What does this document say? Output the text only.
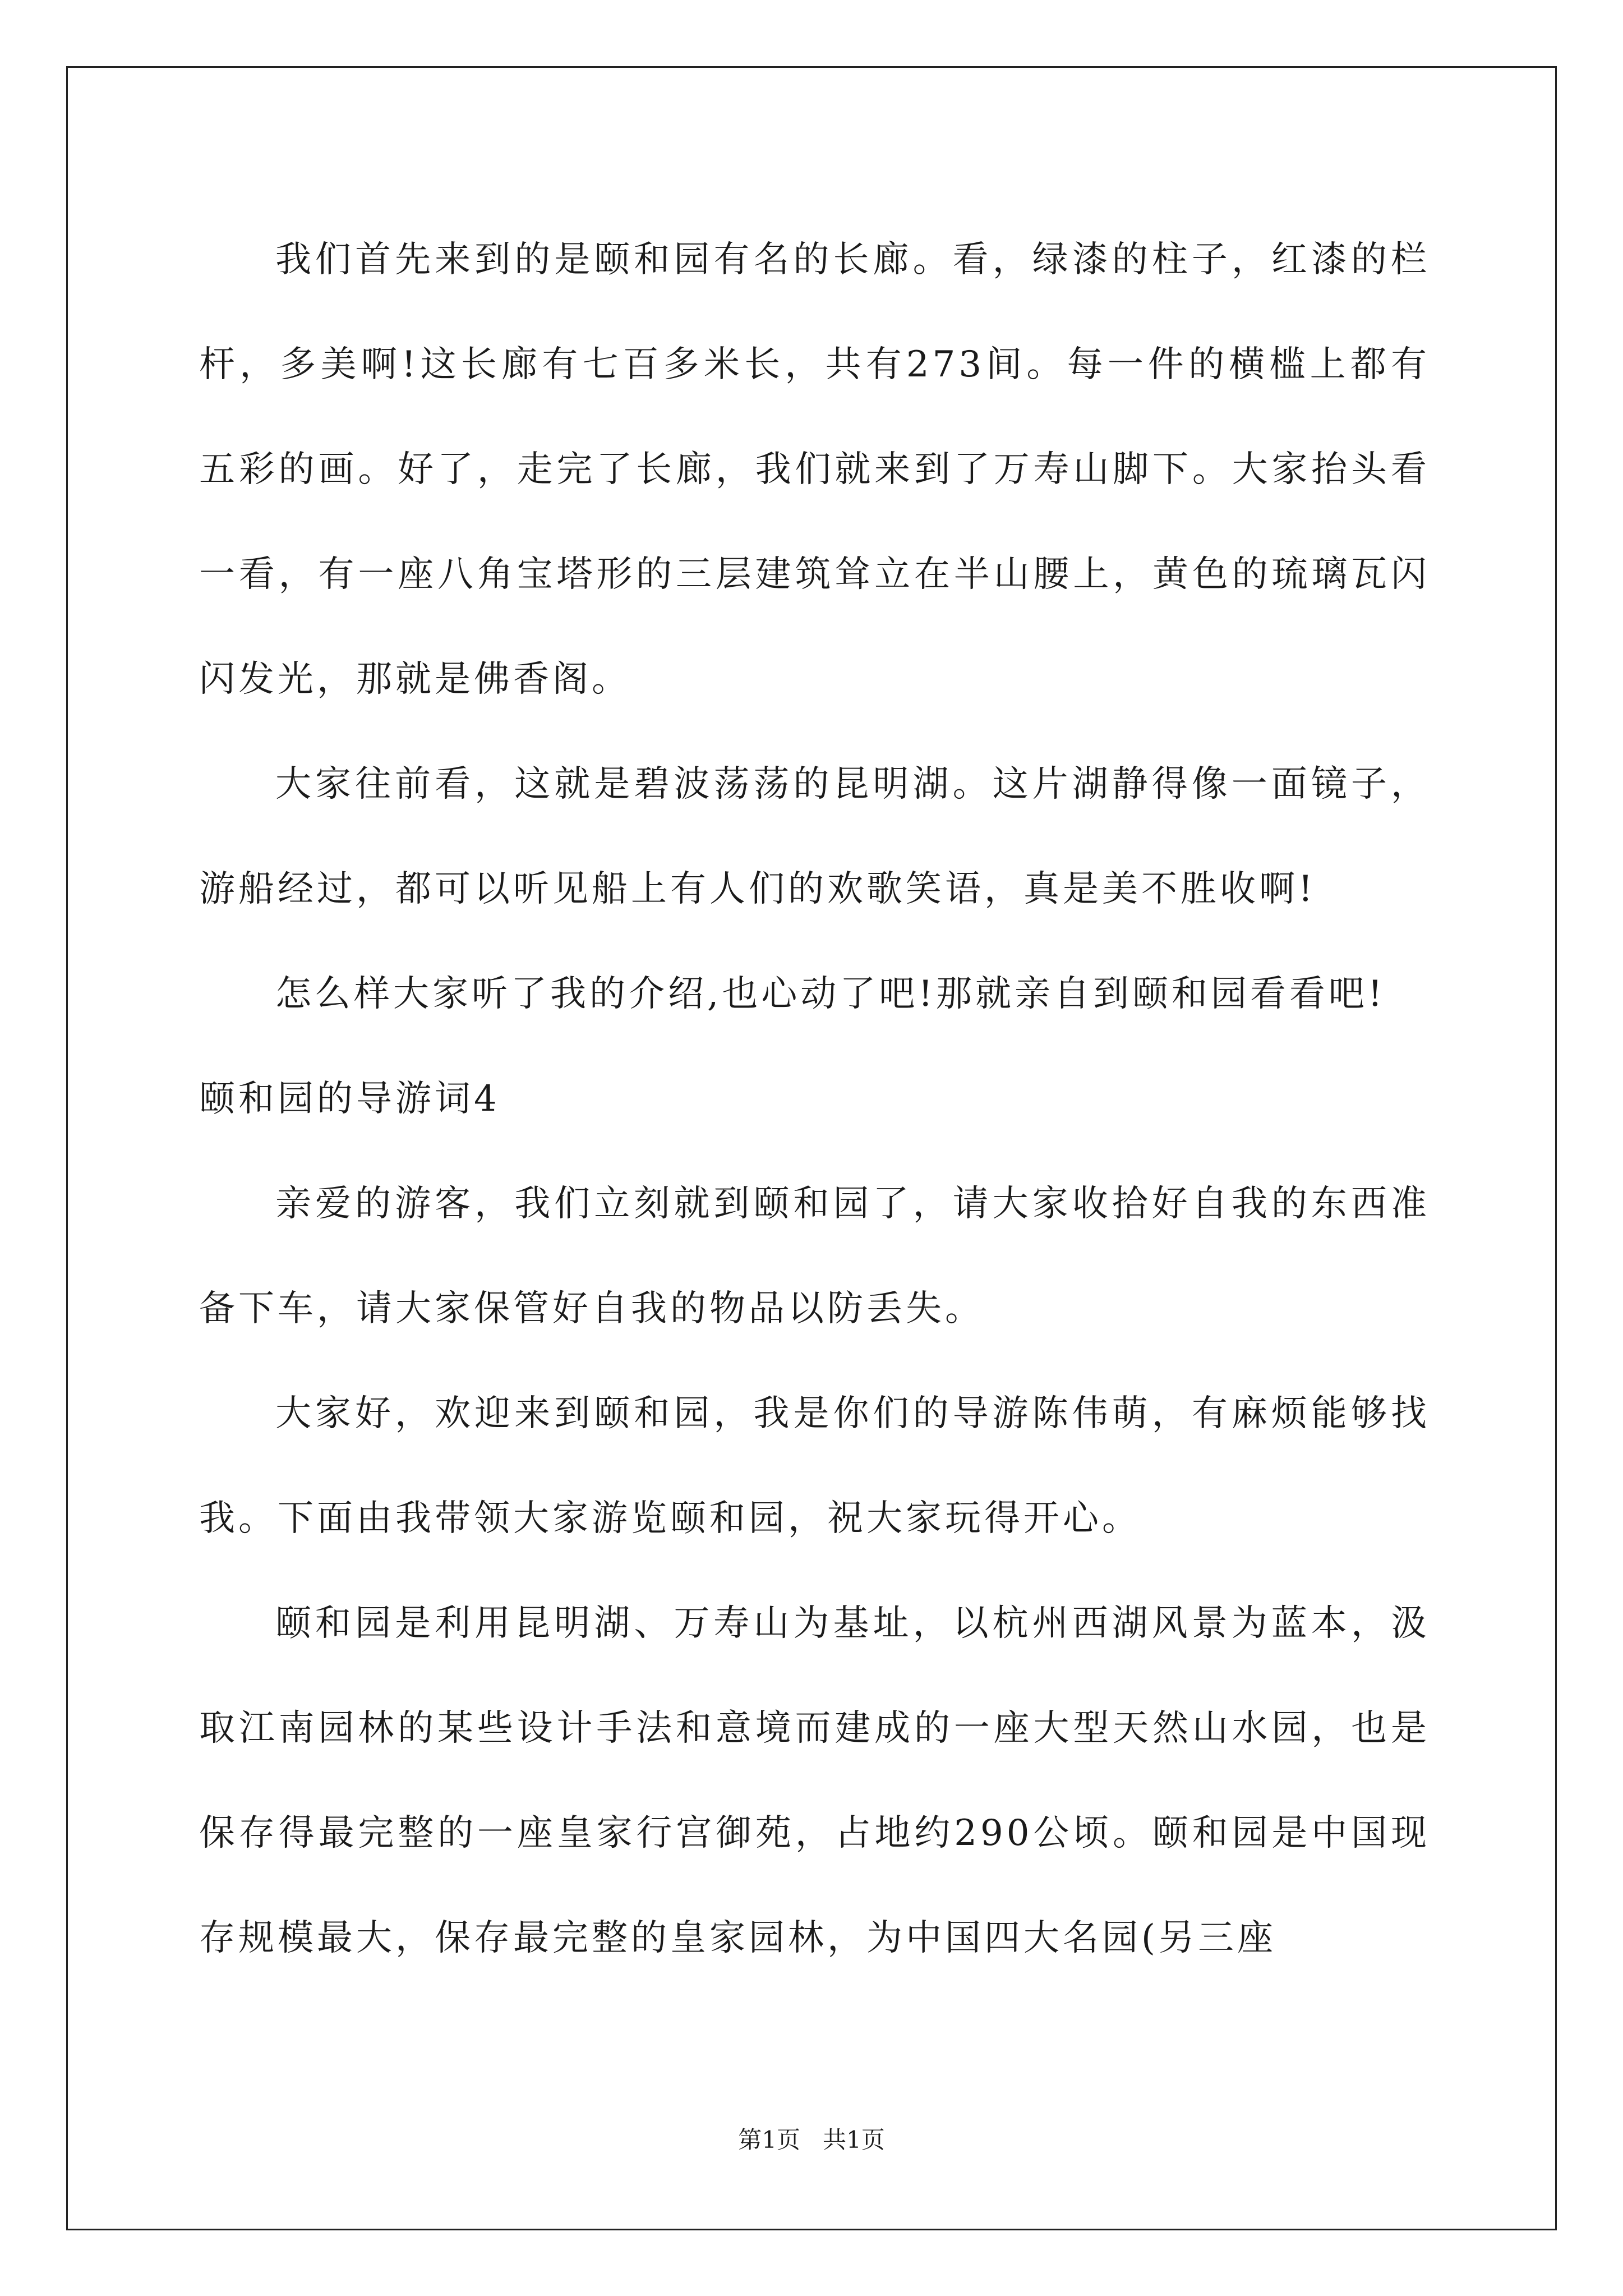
我们首先来到的是颐和园有名的长廊。看，绿漆的柱子，红漆的栏杆，多美啊!这长廊有七百多米长，共有273间。每一件的横槛上都有五彩的画。好了，走完了长廊，我们就来到了万寿山脚下。大家抬头看一看，有一座八角宝塔形的三层建筑耸立在半山腰上，黄色的琉璃瓦闪闪发光，那就是佛香阁。

大家往前看，这就是碧波荡荡的昆明湖。这片湖静得像一面镜子，游船经过，都可以听见船上有人们的欢歌笑语，真是美不胜收啊!

怎么样大家听了我的介绍,也心动了吧!那就亲自到颐和园看看吧!

颐和园的导游词4

亲爱的游客，我们立刻就到颐和园了，请大家收拾好自我的东西准备下车，请大家保管好自我的物品以防丢失。

大家好，欢迎来到颐和园，我是你们的导游陈伟萌，有麻烦能够找我。下面由我带领大家游览颐和园，祝大家玩得开心。

颐和园是利用昆明湖、万寿山为基址，以杭州西湖风景为蓝本，汲取江南园林的某些设计手法和意境而建成的一座大型天然山水园，也是保存得最完整的一座皇家行宫御苑，占地约290公顷。颐和园是中国现存规模最大，保存最完整的皇家园林，为中国四大名园(另三座

第1页   共1页
